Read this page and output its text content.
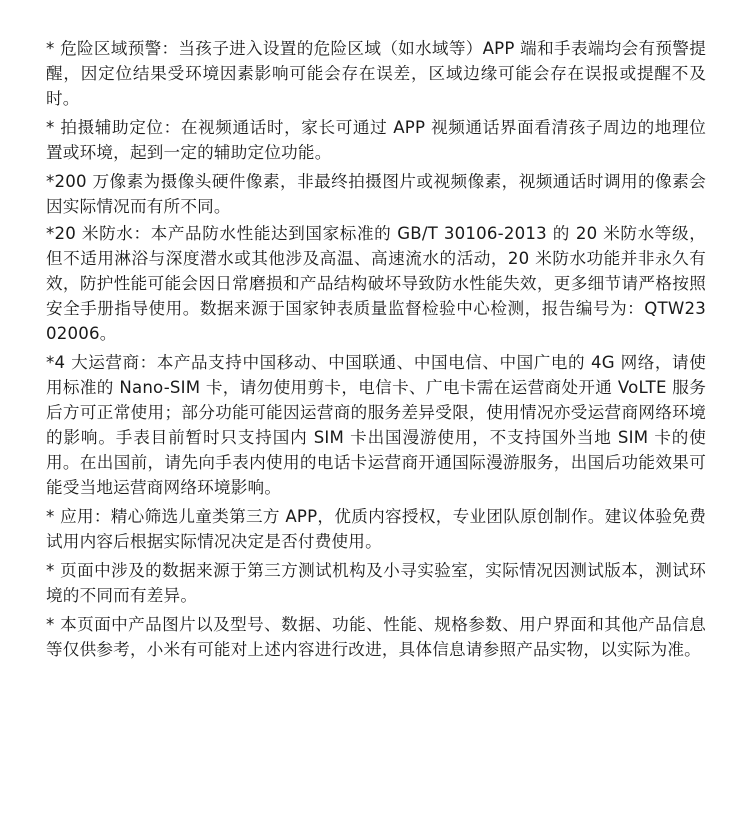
* 危险区域预警：当孩子进入设置的危险区域（如水域等）APP 端和手表端均会有预警提醒，因定位结果受环境因素影响可能会存在误差，区域边缘可能会存在误报或提醒不及时。

* 拍摄辅助定位：在视频通话时，家长可通过 APP 视频通话界面看清孩子周边的地理位置或环境，起到一定的辅助定位功能。

*200 万像素为摄像头硬件像素，非最终拍摄图片或视频像素，视频通话时调用的像素会因实际情况而有所不同。

*20 米防水：本产品防水性能达到国家标准的 GB/T 30106-2013 的 20 米防水等级，但不适用淋浴与深度潜水或其他涉及高温、高速流水的活动，20 米防水功能并非永久有效，防护性能可能会因日常磨损和产品结构破坏导致防水性能失效，更多细节请严格按照安全手册指导使用。数据来源于国家钟表质量监督检验中心检测，报告编号为：QTW2302006。

*4 大运营商：本产品支持中国移动、中国联通、中国电信、中国广电的 4G 网络，请使用标准的 Nano-SIM 卡，请勿使用剪卡，电信卡、广电卡需在运营商处开通 VoLTE 服务后方可正常使用；部分功能可能因运营商的服务差异受限，使用情况亦受运营商网络环境的影响。手表目前暂时只支持国内 SIM 卡出国漫游使用，不支持国外当地 SIM 卡的使用。在出国前，请先向手表内使用的电话卡运营商开通国际漫游服务，出国后功能效果可能受当地运营商网络环境影响。

* 应用：精心筛选儿童类第三方 APP，优质内容授权，专业团队原创制作。建议体验免费试用内容后根据实际情况决定是否付费使用。

* 页面中涉及的数据来源于第三方测试机构及小寻实验室，实际情况因测试版本，测试环境的不同而有差异。

* 本页面中产品图片以及型号、数据、功能、性能、规格参数、用户界面和其他产品信息等仅供参考，小米有可能对上述内容进行改进，具体信息请参照产品实物，以实际为准。
